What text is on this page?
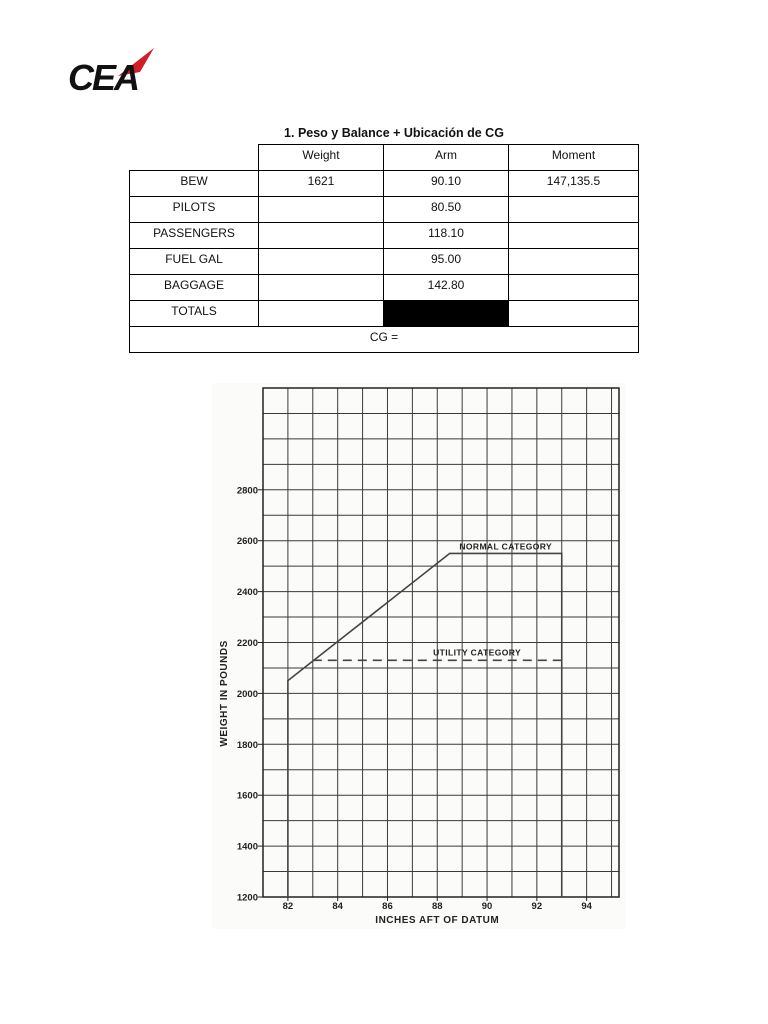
CEA
1. Peso y Balance + Ubicación de CG
	Weight	Arm	Moment
BEW	1621	90.10	147,135.5
PILOTS		80.50	
PASSENGERS		118.10	
FUEL GAL		95.00	
BAGGAGE		142.80	
TOTALS			
CG =			
1200
1400
1600
1800
2000
2200
2400
2600
2800
82	84	86	88	90	92	94
INCHES AFT OF DATUM
WEIGHT IN POUNDS
NORMAL CATEGORY
UTILITY CATEGORY
